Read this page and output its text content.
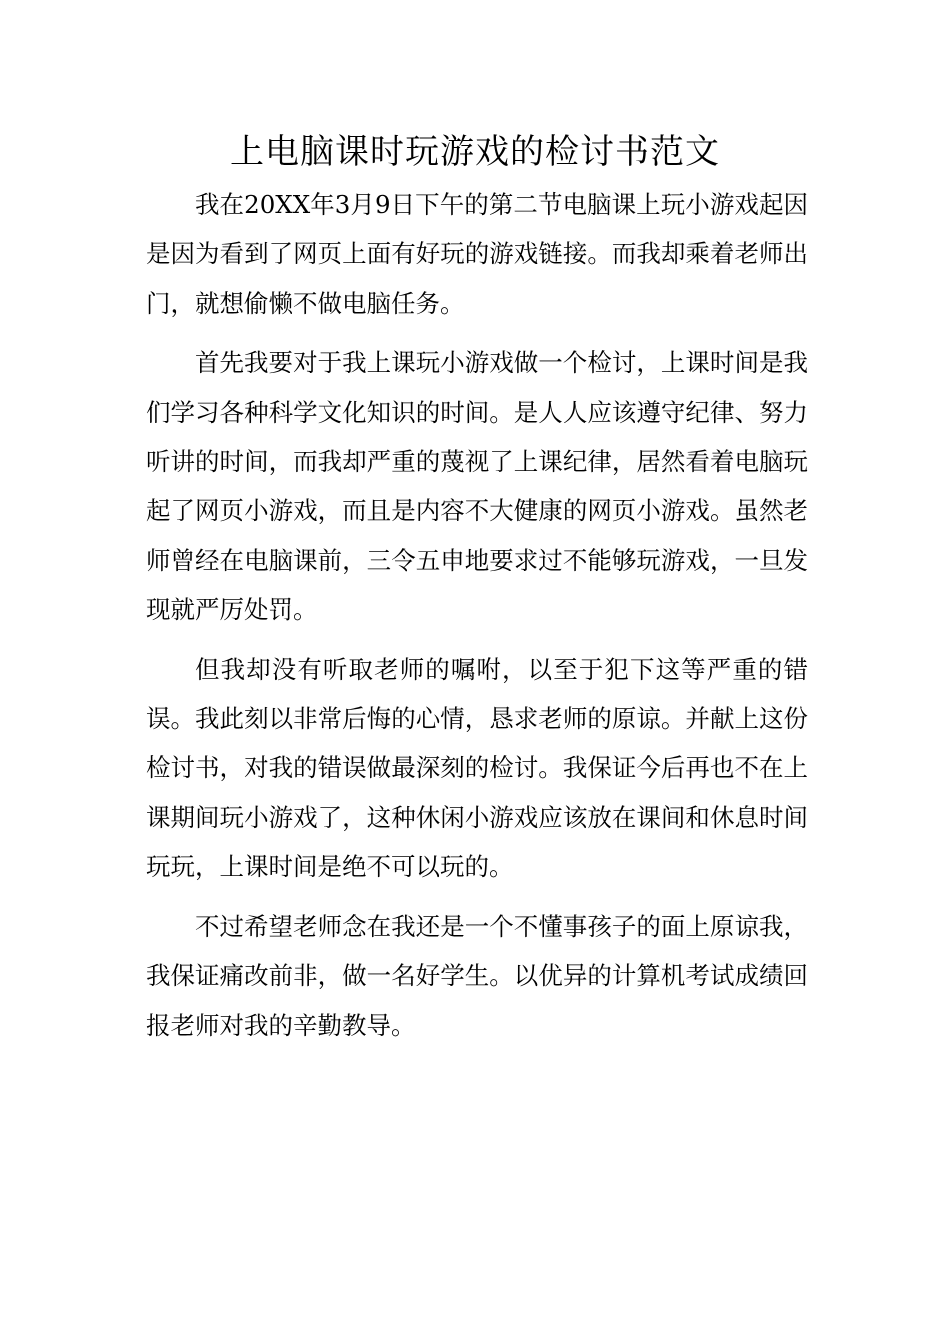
上电脑课时玩游戏的检讨书范文

我在20XX年3月9日下午的第二节电脑课上玩小游戏起因是因为看到了网页上面有好玩的游戏链接。而我却乘着老师出门，就想偷懒不做电脑任务。

首先我要对于我上课玩小游戏做一个检讨，上课时间是我们学习各种科学文化知识的时间。是人人应该遵守纪律、努力听讲的时间，而我却严重的蔑视了上课纪律，居然看着电脑玩起了网页小游戏，而且是内容不大健康的网页小游戏。虽然老师曾经在电脑课前，三令五申地要求过不能够玩游戏，一旦发现就严厉处罚。

但我却没有听取老师的嘱咐，以至于犯下这等严重的错误。我此刻以非常后悔的心情，恳求老师的原谅。并献上这份检讨书，对我的错误做最深刻的检讨。我保证今后再也不在上课期间玩小游戏了，这种休闲小游戏应该放在课间和休息时间玩玩，上课时间是绝不可以玩的。

不过希望老师念在我还是一个不懂事孩子的面上原谅我，我保证痛改前非，做一名好学生。以优异的计算机考试成绩回报老师对我的辛勤教导。
